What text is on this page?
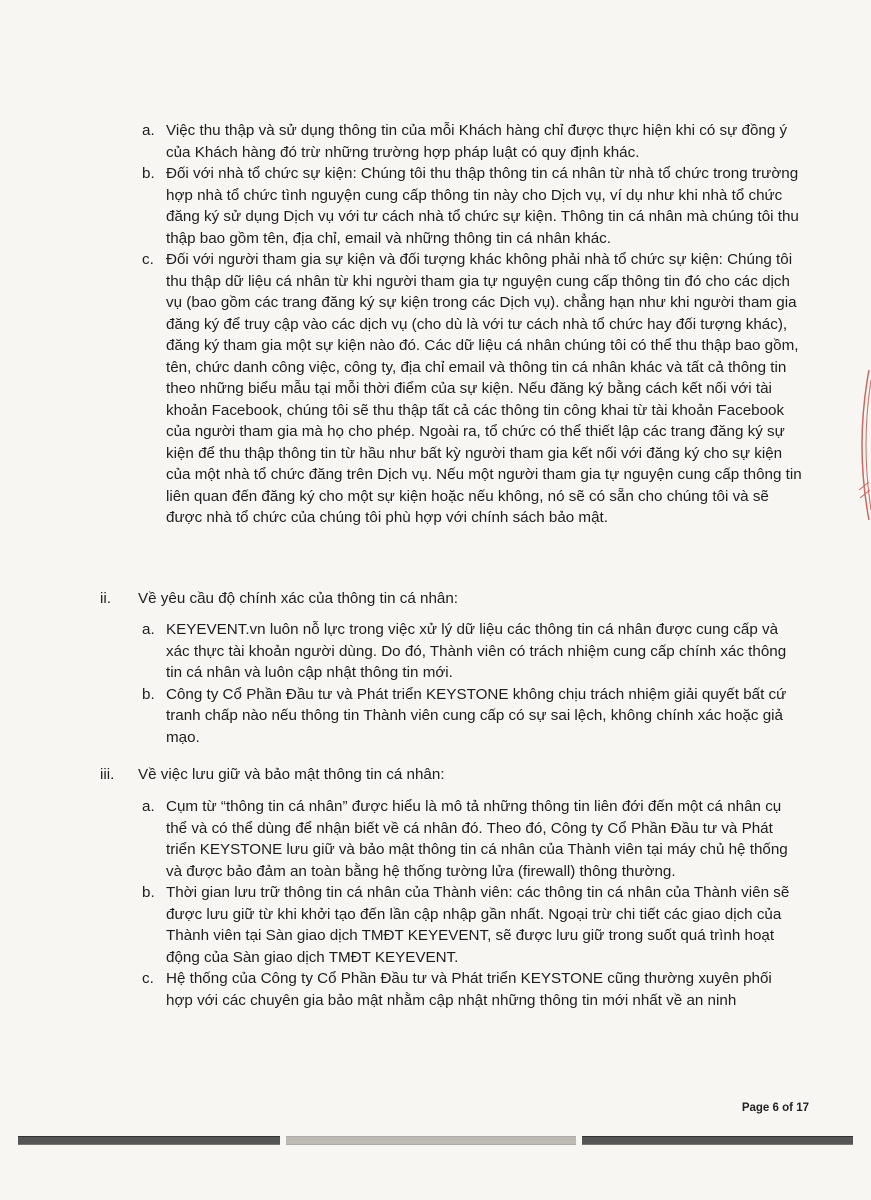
a. Việc thu thập và sử dụng thông tin của mỗi Khách hàng chỉ được thực hiện khi có sự đồng ý của Khách hàng đó trừ những trường hợp pháp luật có quy định khác.
b. Đối với nhà tổ chức sự kiện: Chúng tôi thu thập thông tin cá nhân từ nhà tổ chức trong trường hợp nhà tổ chức tình nguyện cung cấp thông tin này cho Dịch vụ, ví dụ như khi nhà tổ chức đăng ký sử dụng Dịch vụ với tư cách nhà tổ chức sự kiện. Thông tin cá nhân mà chúng tôi thu thập bao gồm tên, địa chỉ, email và những thông tin cá nhân khác.
c. Đối với người tham gia sự kiện và đối tượng khác không phải nhà tổ chức sự kiện: Chúng tôi thu thập dữ liệu cá nhân từ khi người tham gia tự nguyện cung cấp thông tin đó cho các dịch vụ (bao gồm các trang đăng ký sự kiện trong các Dịch vụ). chẳng hạn như khi người tham gia đăng ký để truy cập vào các dịch vụ (cho dù là với tư cách nhà tổ chức hay đối tượng khác), đăng ký tham gia một sự kiện nào đó. Các dữ liệu cá nhân chúng tôi có thể thu thập bao gồm, tên, chức danh công việc, công ty, địa chỉ email và thông tin cá nhân khác và tất cả thông tin theo những biểu mẫu tại mỗi thời điểm của sự kiện. Nếu đăng ký bằng cách kết nối với tài khoản Facebook, chúng tôi sẽ thu thập tất cả các thông tin công khai từ tài khoản Facebook của người tham gia mà họ cho phép. Ngoài ra, tổ chức có thể thiết lập các trang đăng ký sự kiện để thu thập thông tin từ hầu như bất kỳ người tham gia kết nối với đăng ký cho sự kiện của một nhà tổ chức đăng trên Dịch vụ. Nếu một người tham gia tự nguyện cung cấp thông tin liên quan đến đăng ký cho một sự kiện hoặc nếu không, nó sẽ có sẵn cho chúng tôi và sẽ được nhà tổ chức của chúng tôi phù hợp với chính sách bảo mật.
ii. Về yêu cầu độ chính xác của thông tin cá nhân:
a. KEYEVENT.vn luôn nỗ lực trong việc xử lý dữ liệu các thông tin cá nhân được cung cấp và xác thực tài khoản người dùng. Do đó, Thành viên có trách nhiệm cung cấp chính xác thông tin cá nhân và luôn cập nhật thông tin mới.
b. Công ty Cổ Phần Đầu tư và Phát triển KEYSTONE không chịu trách nhiệm giải quyết bất cứ tranh chấp nào nếu thông tin Thành viên cung cấp có sự sai lệch, không chính xác hoặc giả mạo.
iii. Về việc lưu giữ và bảo mật thông tin cá nhân:
a. Cụm từ “thông tin cá nhân” được hiểu là mô tả những thông tin liên đới đến một cá nhân cụ thể và có thể dùng để nhận biết về cá nhân đó. Theo đó, Công ty Cổ Phần Đầu tư và Phát triển KEYSTONE lưu giữ và bảo mật thông tin cá nhân của Thành viên tại máy chủ hệ thống và được bảo đảm an toàn bằng hệ thống tường lửa (firewall) thông thường.
b. Thời gian lưu trữ thông tin cá nhân của Thành viên: các thông tin cá nhân của Thành viên sẽ được lưu giữ từ khi khởi tạo đến lần cập nhập gần nhất. Ngoại trừ chi tiết các giao dịch của Thành viên tại Sàn giao dịch TMĐT KEYEVENT, sẽ được lưu giữ trong suốt quá trình hoạt động của Sàn giao dịch TMĐT KEYEVENT.
c. Hệ thống của Công ty Cổ Phần Đầu tư và Phát triển KEYSTONE cũng thường xuyên phối hợp với các chuyên gia bảo mật nhằm cập nhật những thông tin mới nhất về an ninh
Page 6 of 17
